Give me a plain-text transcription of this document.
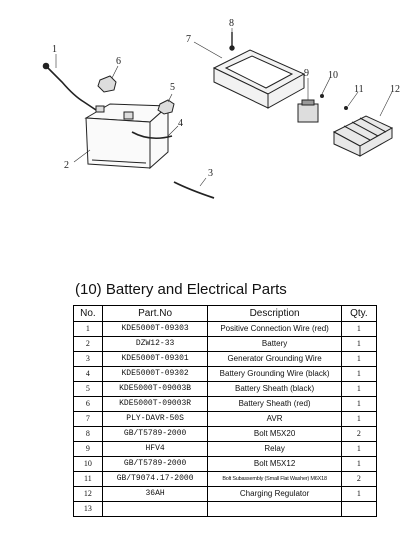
1
2
3
4
5
6
7
8
9 10
11	12
(10) Battery and Electrical Parts
No.	Part.No	Description	Qty.
1	KDE5000T-09303	Positive Connection Wire (red)	1
2	DZW12-33	Battery	1
3	KDE5000T-09301	Generator Grounding Wire	1
4	KDE5000T-09302	Battery Grounding Wire (black)	1
5	KDE5000T-09003B	Battery Sheath (black)	1
6	KDE5000T-09003R	Battery Sheath (red)	1
7	PLY-DAVR-50S	AVR	1
8	GB/T5789-2000	Bolt M5X20	2
9	HFV4	Relay	1
10	GB/T5789-2000	Bolt M5X12	1
11	GB/T9074.17-2000	Bolt Subassembly (Small Flat Washer) M6X18	2
12	36AH	Charging Regulator	1
13			
